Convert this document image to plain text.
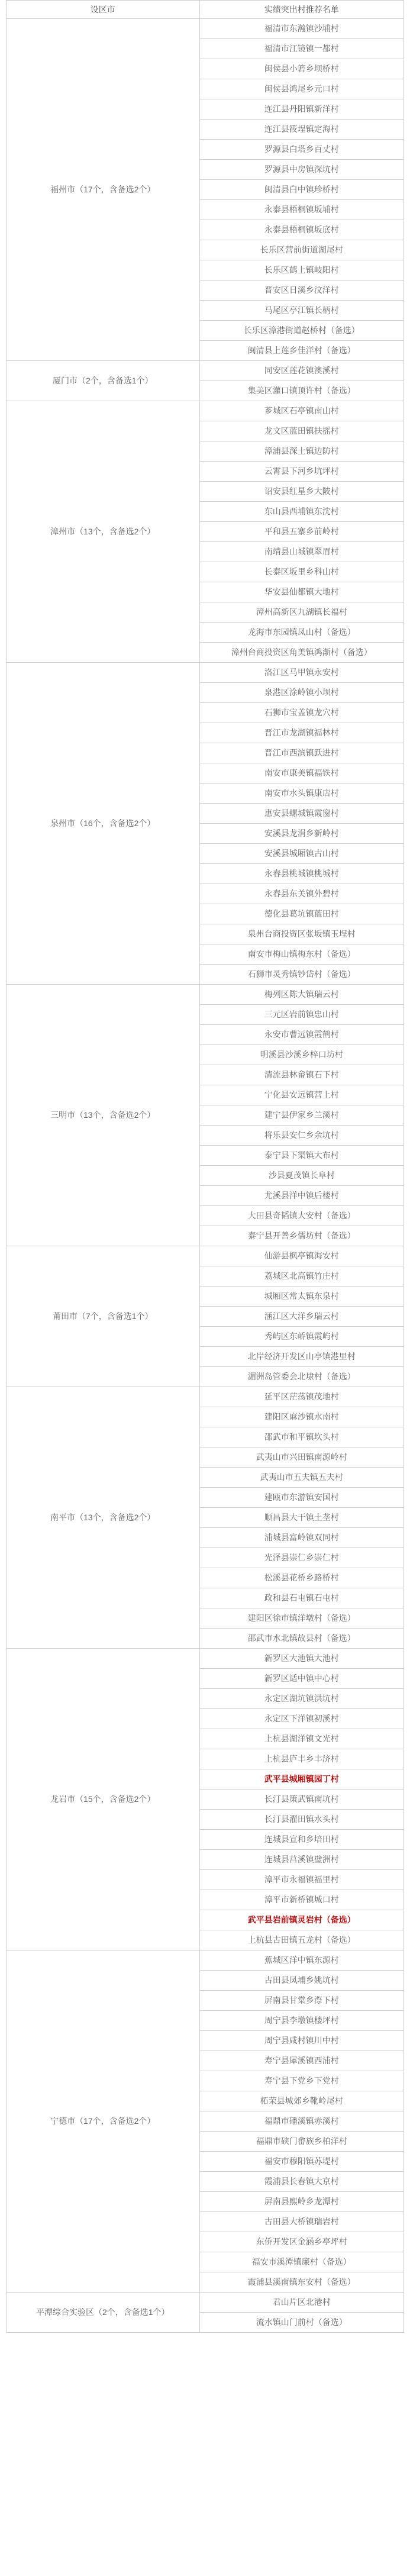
设区市	实绩突出村推荐名单
福州市（17个，含备选2个）	福清市东瀚镇沙埔村
	福清市江镜镇一都村
	闽侯县小箬乡坝桥村
	闽侯县鸿尾乡元口村
	连江县丹阳镇新洋村
	连江县筱埕镇定海村
	罗源县白塔乡百丈村
	罗源县中房镇深坑村
	闽清县白中镇珍桥村
	永泰县梧桐镇坂埔村
	永泰县梧桐镇坂底村
	长乐区营前街道湖尾村
	长乐区鹤上镇岐阳村
	晋安区日溪乡汶洋村
	马尾区亭江镇长柄村
	长乐区漳港街道赵桥村（备选）
	闽清县上莲乡佳洋村（备选）
厦门市（2个，含备选1个）	同安区莲花镇澳溪村
	集美区灌口镇顶许村（备选）
漳州市（13个，含备选2个）	芗城区石亭镇南山村
	龙文区蓝田镇扶摇村
	漳浦县深土镇边防村
	云霄县下河乡坑坪村
	诏安县红星乡大陂村
	东山县西埔镇东沈村
	平和县五寨乡前岭村
	南靖县山城镇翠眉村
	长泰区坂里乡科山村
	华安县仙都镇大地村
	漳州高新区九湖镇长福村
	龙海市东园镇凤山村（备选）
	漳州台商投资区角美镇鸿渐村（备选）
泉州市（16个，含备选2个）	洛江区马甲镇永安村
	泉港区涂岭镇小坝村
	石狮市宝盖镇龙穴村
	晋江市龙湖镇福林村
	晋江市西滨镇跃进村
	南安市康美镇福铁村
	南安市水头镇康店村
	惠安县螺城镇霞窗村
	安溪县龙涓乡新岭村
	安溪县城厢镇古山村
	永春县桃城镇桃城村
	永春县东关镇外碧村
	德化县葛坑镇蓝田村
	泉州台商投资区张坂镇玉埕村
	南安市梅山镇梅东村（备选）
	石狮市灵秀镇钞岱村（备选）
三明市（13个，含备选2个）	梅列区陈大镇瑞云村
	三元区岩前镇忠山村
	永安市曹远镇霞鹤村
	明溪县沙溪乡梓口坊村
	清流县林畲镇石下村
	宁化县安远镇营上村
	建宁县伊家乡兰溪村
	将乐县安仁乡余坑村
	泰宁县下渠镇大布村
	沙县夏茂镇长阜村
	尤溪县洋中镇后楼村
	大田县奇韬镇大安村（备选）
	泰宁县开善乡儒坊村（备选）
莆田市（7个，含备选1个）	仙游县枫亭镇海安村
	荔城区北高镇竹庄村
	城厢区常太镇东泉村
	涵江区大洋乡瑞云村
	秀屿区东峤镇霞屿村
	北岸经济开发区山亭镇港里村
	湄洲岛管委会北埭村（备选）
南平市（13个，含备选2个）	延平区茫荡镇茂地村
	建阳区麻沙镇水南村
	邵武市和平镇坎头村
	武夷山市兴田镇南源岭村
	武夷山市五夫镇五夫村
	建瓯市东游镇安国村
	顺昌县大干镇土垄村
	浦城县富岭镇双同村
	光泽县崇仁乡崇仁村
	松溪县花桥乡路桥村
	政和县石屯镇石屯村
	建阳区徐市镇洋墩村（备选）
	邵武市水北镇故县村（备选）
龙岩市（15个，含备选2个）	新罗区大池镇大池村
	新罗区适中镇中心村
	永定区湖坑镇洪坑村
	永定区下洋镇初溪村
	上杭县湖洋镇文光村
	上杭县庐丰乡丰济村
	武平县城厢镇园丁村
	长汀县策武镇南坑村
	长汀县濯田镇水头村
	连城县宣和乡培田村
	连城县莒溪镇璧洲村
	漳平市永福镇福里村
	漳平市新桥镇城口村
	武平县岩前镇灵岩村（备选）
	上杭县古田镇五龙村（备选）
宁德市（17个，含备选2个）	蕉城区洋中镇东源村
	古田县凤埔乡姚坑村
	屏南县甘棠乡漈下村
	周宁县李墩镇楼坪村
	周宁县咸村镇川中村
	寿宁县犀溪镇西浦村
	寿宁县下党乡下党村
	柘荣县城郊乡靴岭尾村
	福鼎市磻溪镇赤溪村
	福鼎市硖门畲族乡柏洋村
	福安市穆阳镇苏堤村
	霞浦县长春镇大京村
	屏南县熙岭乡龙潭村
	古田县大桥镇瑞岩村
	东侨开发区金涵乡亭坪村
	福安市溪潭镇廉村（备选）
	霞浦县溪南镇东安村（备选）
平潭综合实验区（2个，含备选1个）	君山片区北港村
	流水镇山门前村（备选）
